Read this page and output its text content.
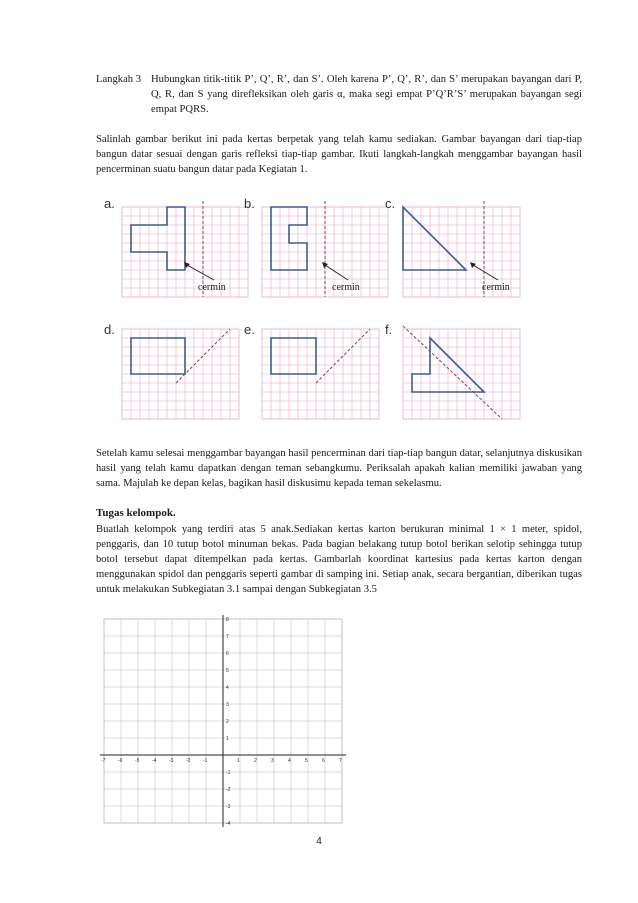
Langkah 3 Hubungkan titik-titik P’, Q’, R’, dan S’. Oleh karena P’, Q’, R’, dan S’ merupakan bayangan dari P, Q, R, dan S yang direfleksikan oleh garis α, maka segi empat P’Q’R’S’ merupakan bayangan segi empat PQRS.
Salinlah gambar berikut ini pada kertas berpetak yang telah kamu sediakan. Gambar bayangan dari tiap-tiap bangun datar sesuai dengan garis refleksi tiap-tiap gambar. Ikuti langkah-langkah menggambar bayangan hasil pencerminan suatu bangun datar pada Kegiatan 1.
cermin
a.
cermin
b.
cermin
c.
d.	e.	f.
Setelah kamu selesai menggambar bayangan hasil pencerminan dari tiap-tiap bangun datar, selanjutnya diskusikan hasil yang telah kamu dapatkan dengan teman sebangkumu. Periksalah apakah kalian memiliki jawaban yang sama. Majulah ke depan kelas, bagikan hasil diskusimu kepada teman sekelasmu.
Tugas kelompok.
Buatlah kelompok yang terdiri atas 5 anak.Sediakan kertas karton berukuran minimal 1 × 1 meter, spidol, penggaris, dan 10 tutup botol minuman bekas. Pada bagian belakang tutup botol berikan selotip sehingga tutup botol tersebut dapat ditempelkan pada kertas. Gambarlah koordinat kartesius pada kertas karton dengan menggunakan spidol dan penggaris seperti gambar di samping ini. Setiap anak, secara bergantian, diberikan tugas untuk melakukan Subkegiatan 3.1 sampai dengan Subkegiatan 3.5
-7	-6	-5	-4	-3	-2	-1	1	2	3	4	5	6	7
8
7
6
5
4
3
2
1
-1
-2
-3
-4
4
